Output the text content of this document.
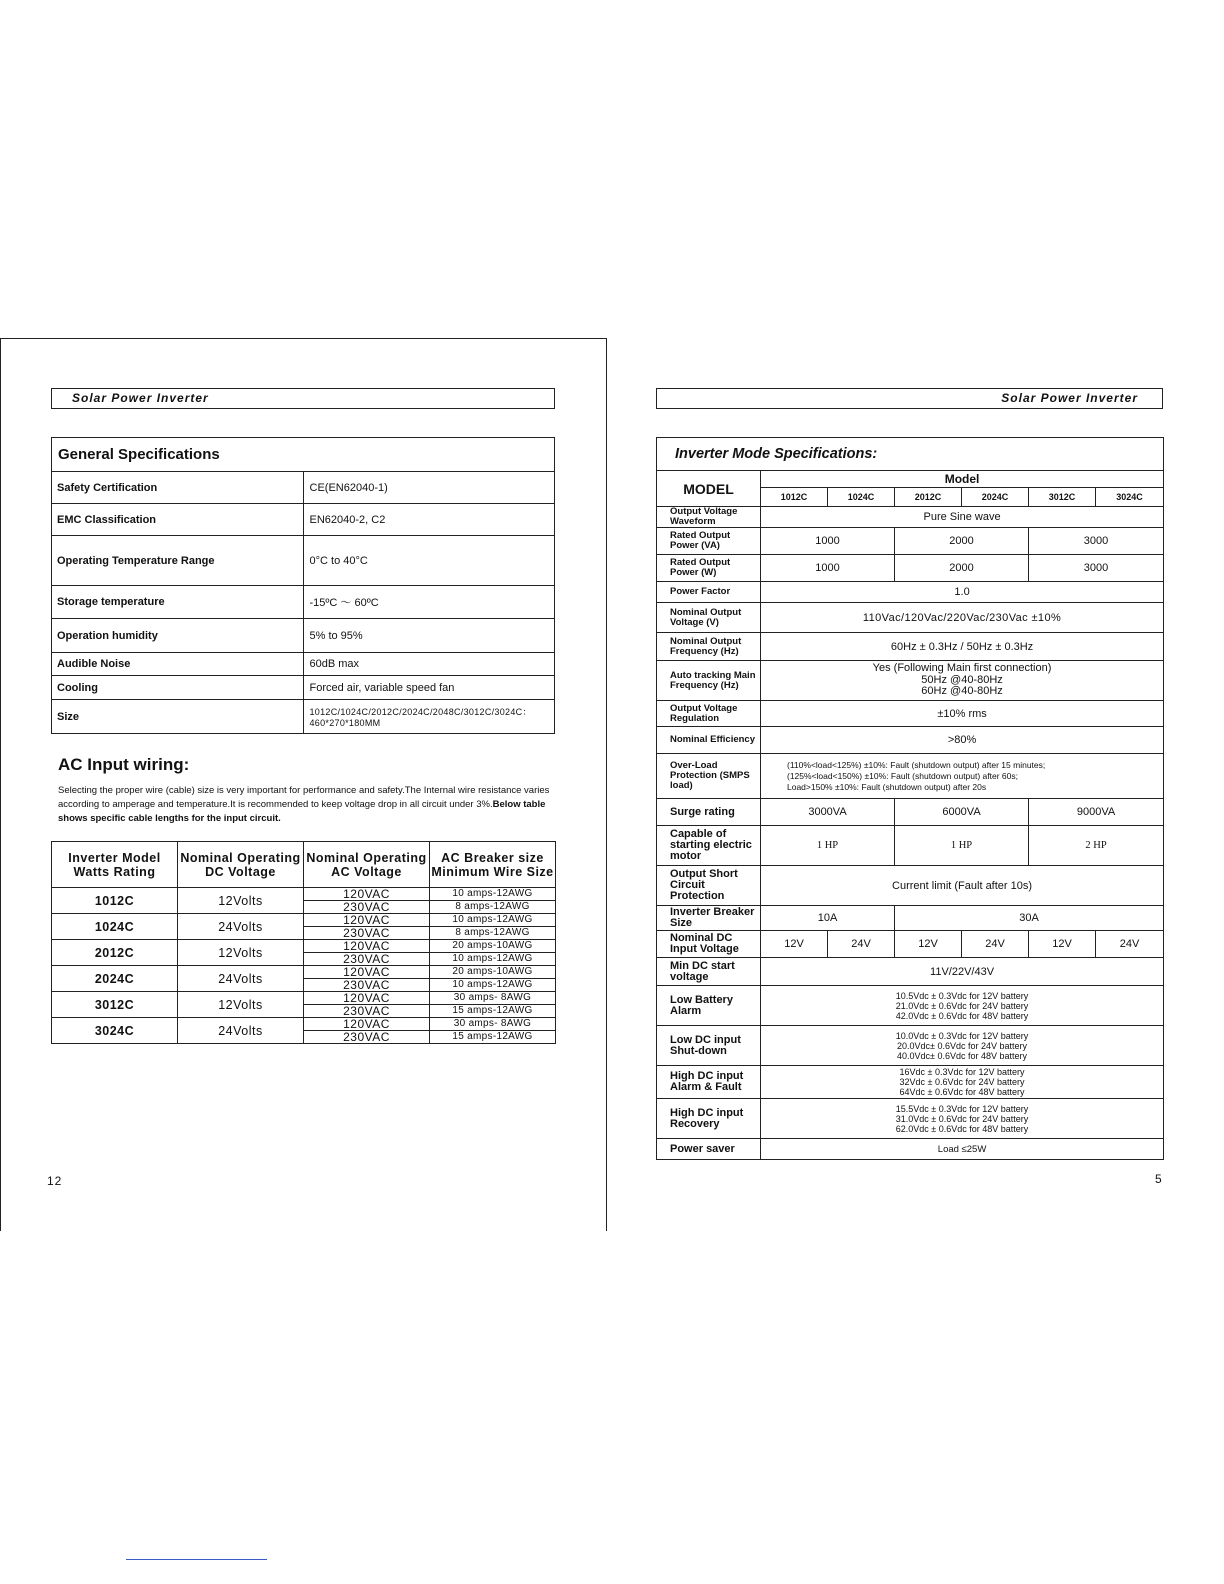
Solar Power Inverter	Solar Power Inverter
General Specifications	
Safety Certification	CE(EN62040-1)
EMC Classification	EN62040-2, C2
Operating Temperature Range	0°C to 40°C
Storage temperature	-15ºC ～ 60ºC
Operation humidity	5% to 95%
Audible Noise	60dB max
Cooling	Forced air, variable speed fan
Size	1012C/1024C/2012C/2024C/2048C/3012C/3024C：460*270*180MM
AC Input wiring:
Selecting the proper wire (cable) size is very important for performance and safety.The Internal wire resistance varies according to amperage and temperature.It is recommended to keep voltage drop in all circuit under 3%.Below table shows specific cable lengths for the input circuit.
Inverter Model Watts Rating	Nominal Operating DC Voltage	Nominal Operating AC Voltage	AC Breaker size Minimum Wire Size
1012C	12Volts	120VAC	10 amps-12AWG
		230VAC	8 amps-12AWG
1024C	24Volts	120VAC	10 amps-12AWG
		230VAC	8 amps-12AWG
2012C	12Volts	120VAC	20 amps-10AWG
		230VAC	10 amps-12AWG
2024C	24Volts	120VAC	20 amps-10AWG
		230VAC	10 amps-12AWG
3012C	12Volts	120VAC	30 amps- 8AWG
		230VAC	15 amps-12AWG
3024C	24Volts	120VAC	30 amps- 8AWG
		230VAC	15 amps-12AWG
12
Inverter Mode Specifications:						
MODEL	Model					
	1012C	1024C	2012C	2024C	3012C	3024C
Output Voltage Waveform	Pure Sine wave					
Rated Output Power (VA)	1000		2000		3000	
Rated Output Power (W)	1000		2000		3000	
Power Factor	1.0					
Nominal Output Voltage (V)	110Vac/120Vac/220Vac/230Vac ±10%					
Nominal Output Frequency (Hz)	60Hz ± 0.3Hz / 50Hz ± 0.3Hz					
Auto tracking Main Frequency (Hz)	Yes (Following Main first connection)
50Hz @40-80Hz
60Hz @40-80Hz					

Output Voltage Regulation	±10% rms					
Nominal Efficiency	>80%					
Over-Load Protection (SMPS load)	(110%<load<125%) ±10%: Fault (shutdown output) after 15 minutes;
(125%<load<150%) ±10%: Fault (shutdown output) after 60s;
Load>150% ±10%: Fault (shutdown output) after 20s					

Surge rating	3000VA		6000VA		9000VA	
Capable of starting electric motor	1 HP		1 HP		2 HP	
Output Short Circuit Protection	Current limit (Fault after 10s)					
Inverter Breaker Size	10A		30A			
Nominal DC Input Voltage	12V	24V	12V	24V	12V	24V
Min DC start voltage	11V/22V/43V					
Low Battery Alarm	10.5Vdc ± 0.3Vdc for 12V battery
21.0Vdc ± 0.6Vdc for 24V battery
42.0Vdc ± 0.6Vdc for 48V battery					

Low DC input Shut-down	10.0Vdc ± 0.3Vdc for 12V battery
20.0Vdc± 0.6Vdc for 24V battery
40.0Vdc± 0.6Vdc for 48V battery					

High DC input Alarm & Fault	16Vdc ± 0.3Vdc for 12V battery
32Vdc ± 0.6Vdc for 24V battery
64Vdc ± 0.6Vdc for 48V battery					

High DC input Recovery	15.5Vdc ± 0.3Vdc for 12V battery
31.0Vdc ± 0.6Vdc for 24V battery
62.0Vdc ± 0.6Vdc for 48V battery					

Power saver	Load ≤25W					
5
